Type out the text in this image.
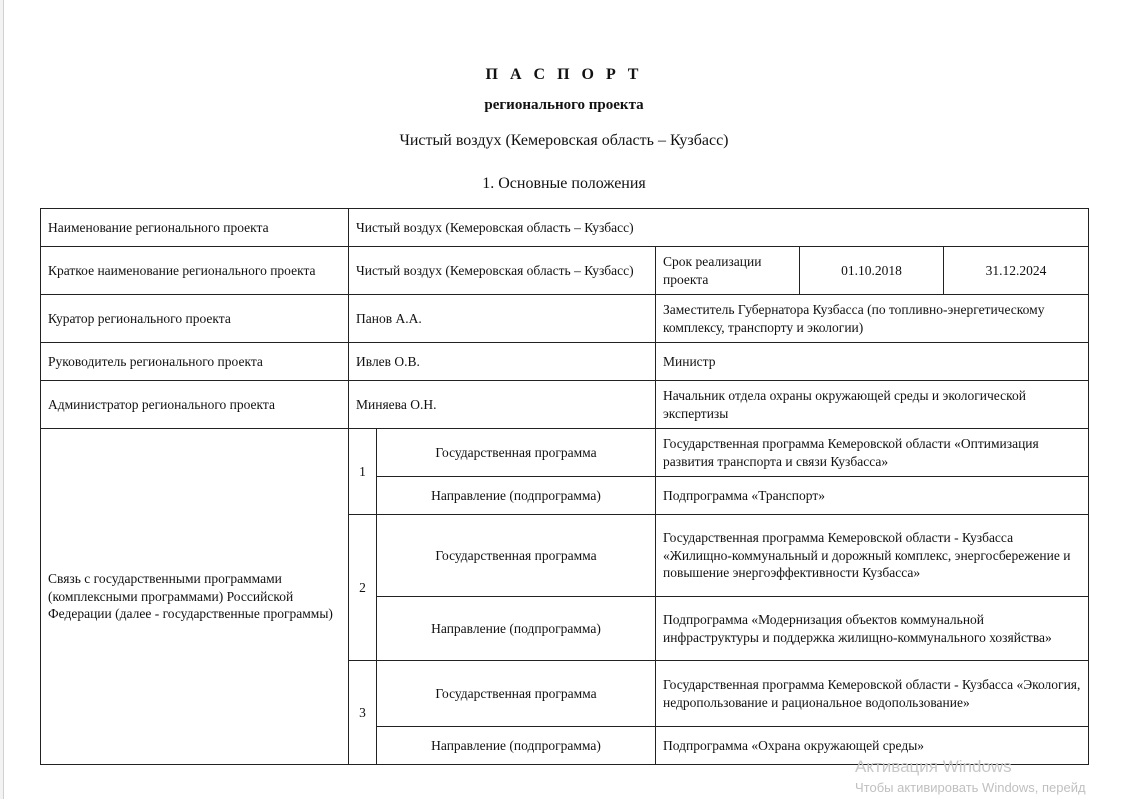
П А С П О Р Т
регионального проекта
Чистый воздух (Кемеровская область – Кузбасс)
1. Основные положения
Наименование регионального проекта	Чистый воздух (Кемеровская область – Кузбасс)				
Краткое наименование регионального проекта	Чистый воздух (Кемеровская область – Кузбасс)		Срок реализации проекта	01.10.2018	31.12.2024
Куратор регионального проекта	Панов А.А.		Заместитель Губернатора Кузбасса (по топливно-энергетическому комплексу, транспорту и экологии)		
Руководитель регионального проекта	Ивлев О.В.		Министр		
Администратор регионального проекта	Миняева О.Н.		Начальник отдела охраны окружающей среды и экологической экспертизы		
Связь с государственными программами (комплексными программами) Российской Федерации (далее - государственные программы)	1	Государственная программа	Государственная программа Кемеровской области «Оптимизация развития транспорта и связи Кузбасса»		
		Направление (подпрограмма)	Подпрограмма «Транспорт»		
	2	Государственная программа	Государственная программа Кемеровской области - Кузбасса «Жилищно-коммунальный и дорожный комплекс, энергосбережение и повышение энергоэффективности Кузбасса»		
		Направление (подпрограмма)	Подпрограмма «Модернизация объектов коммунальной инфраструктуры и поддержка жилищно-коммунального хозяйства»		
	3	Государственная программа	Государственная программа Кемеровской области - Кузбасса «Экология, недропользование и рациональное водопользование»		
		Направление (подпрограмма)	Подпрограмма «Охрана окружающей среды»		
Активация Windows
Чтобы активировать Windows, перейд
